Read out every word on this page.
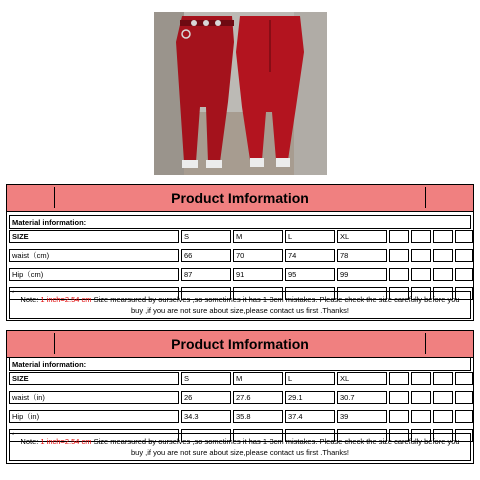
Product Imformation
Material information:
SIZE	S	M	L	XL
waist（cm)	66	70	74	78
Hip（cm)	87	91	95	99
*
Note: 1 inch=2.54 cm Size mearsured by ourselves ,so sometimes it has 1-3cm mistakes. Please check the size carefully before you buy ,if you are not sure about size,please contact us first .Thanks!
Product Imformation
Material information:
SIZE	S	M	L	XL
waist（in)	26	27.6	29.1	30.7
Hip（in)	34.3	35.8	37.4	39
*
Note: 1 inch=2.54 cm Size mearsured by ourselves ,so sometimes it has 1-3cm mistakes. Please check the size carefully before you buy ,if you are not sure about size,please contact us first .Thanks!
